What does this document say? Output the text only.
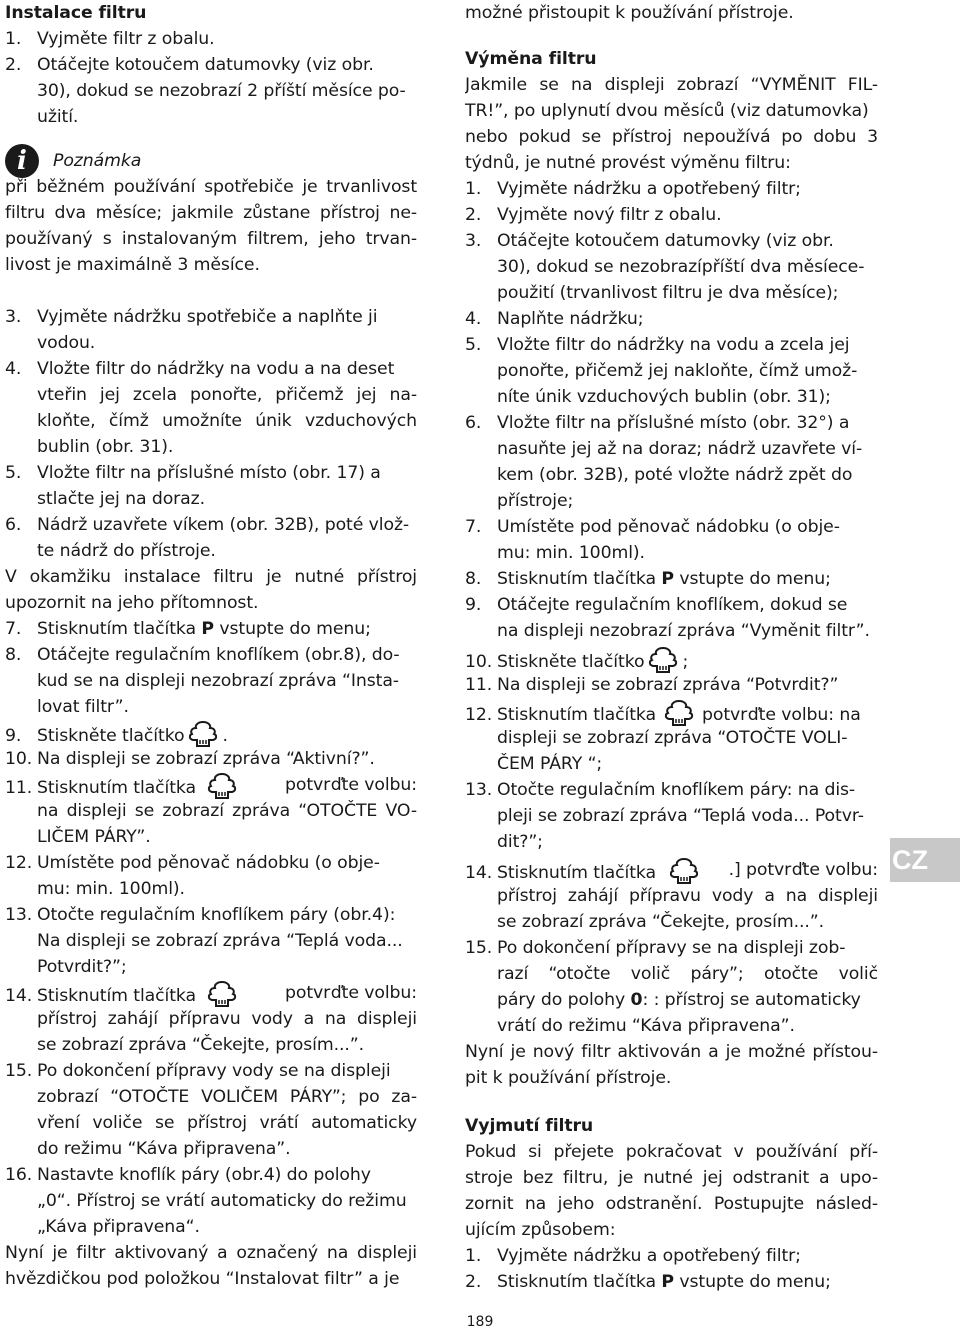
Instalace filtru
1. Vyjměte filtr z obalu.
2. Otáčejte kotoučem datumovky (viz obr.
30), dokud se nezobrazí 2 příští měsíce po-
užití.
i	Poznámka
při běžném používání spotřebiče je trvanlivost
filtru dva měsíce; jakmile zůstane přístroj ne-
používaný s instalovaným filtrem, jeho trvan-
livost je maximálně 3 měsíce.
3. Vyjměte nádržku spotřebiče a naplňte ji
vodou.
4. Vložte filtr do nádržky na vodu a na deset
vteřin jej zcela ponořte, přičemž jej na-
kloňte, čímž umožníte únik vzduchových
bublin (obr. 31).
5. Vložte filtr na příslušné místo (obr. 17) a
stlačte jej na doraz.
6. Nádrž uzavřete víkem (obr. 32B), poté vlož-
te nádrž do přístroje.
V okamžiku instalace filtru je nutné přístroj
upozornit na jeho přítomnost.
7. Stisknutím tlačítka P vstupte do menu;
8. Otáčejte regulačním knoflíkem (obr.8), do-
kud se na displeji nezobrazí zpráva “Insta-
lovat filtr”.
9. Stiskněte tlačítko .
10. Na displeji se zobrazí zpráva “Aktivní?”.
11. Stisknutím tlačítka	potvrďte volbu:
na displeji se zobrazí zpráva “OTOČTE VO-
LIČEM PÁRY”.
12. Umístěte pod pěnovač nádobku (o obje-
mu: min. 100ml).
13. Otočte regulačním knoflíkem páry (obr.4):
Na displeji se zobrazí zpráva “Teplá voda...
Potvrdit?”;
14. Stisknutím tlačítka	potvrďte volbu:
přístroj zahájí přípravu vody a na displeji
se zobrazí zpráva “Čekejte, prosím...”.
15. Po dokončení přípravy vody se na displeji
zobrazí “OTOČTE VOLIČEM PÁRY”; po za-
vření voliče se přístroj vrátí automaticky
do režimu “Káva připravena”.
16. Nastavte knoflík páry (obr.4) do polohy
„0“. Přístroj se vrátí automaticky do režimu
„Káva připravena“.
Nyní je filtr aktivovaný a označený na displeji
hvězdičkou pod položkou “Instalovat filtr” a je
možné přistoupit k používání přístroje.
Výměna filtru
Jakmile se na displeji zobrazí “VYMĚNIT FIL-
TR!”, po uplynutí dvou měsíců (viz datumovka)
nebo pokud se přístroj nepoužívá po dobu 3
týdnů, je nutné provést výměnu filtru:
1. Vyjměte nádržku a opotřebený filtr;
2. Vyjměte nový filtr z obalu.
3. Otáčejte kotoučem datumovky (viz obr.
30), dokud se nezobrazípříští dva měsíece-
použití (trvanlivost filtru je dva měsíce);
4. Naplňte nádržku;
5. Vložte filtr do nádržky na vodu a zcela jej
ponořte, přičemž jej nakloňte, čímž umož-
níte únik vzduchových bublin (obr. 31);
6. Vložte filtr na příslušné místo (obr. 32°) a
nasuňte jej až na doraz; nádrž uzavřete ví-
kem (obr. 32B), poté vložte nádrž zpět do
přístroje;
7. Umístěte pod pěnovač nádobku (o obje-
mu: min. 100ml).
8. Stisknutím tlačítka P vstupte do menu;
9. Otáčejte regulačním knoflíkem, dokud se
na displeji nezobrazí zpráva “Vyměnit filtr”.
10. Stiskněte tlačítko ;
11. Na displeji se zobrazí zpráva “Potvrdit?”
12. Stisknutím tlačítka	potvrďte volbu: na
displeji se zobrazí zpráva “OTOČTE VOLI-
ČEM PÁRY “;
13. Otočte regulačním knoflíkem páry: na dis-
pleji se zobrazí zpráva “Teplá voda... Potvr-
dit?”;
14. Stisknutím tlačítka	.] potvrďte volbu:
přístroj zahájí přípravu vody a na displeji
se zobrazí zpráva “Čekejte, prosím...”.
15. Po dokončení přípravy se na displeji zob-
razí “otočte volič páry”; otočte volič
páry do polohy 0: : přístroj se automaticky
vrátí do režimu “Káva připravena”.
Nyní je nový filtr aktivován a je možné přístou-
pit k používání přístroje.
Vyjmutí filtru
Pokud si přejete pokračovat v používání pří-
stroje bez filtru, je nutné jej odstranit a upo-
zornit na jeho odstranění. Postupujte násled-
ujícím způsobem:
1. Vyjměte nádržku a opotřebený filtr;
2. Stisknutím tlačítka P vstupte do menu;
CZ
189
